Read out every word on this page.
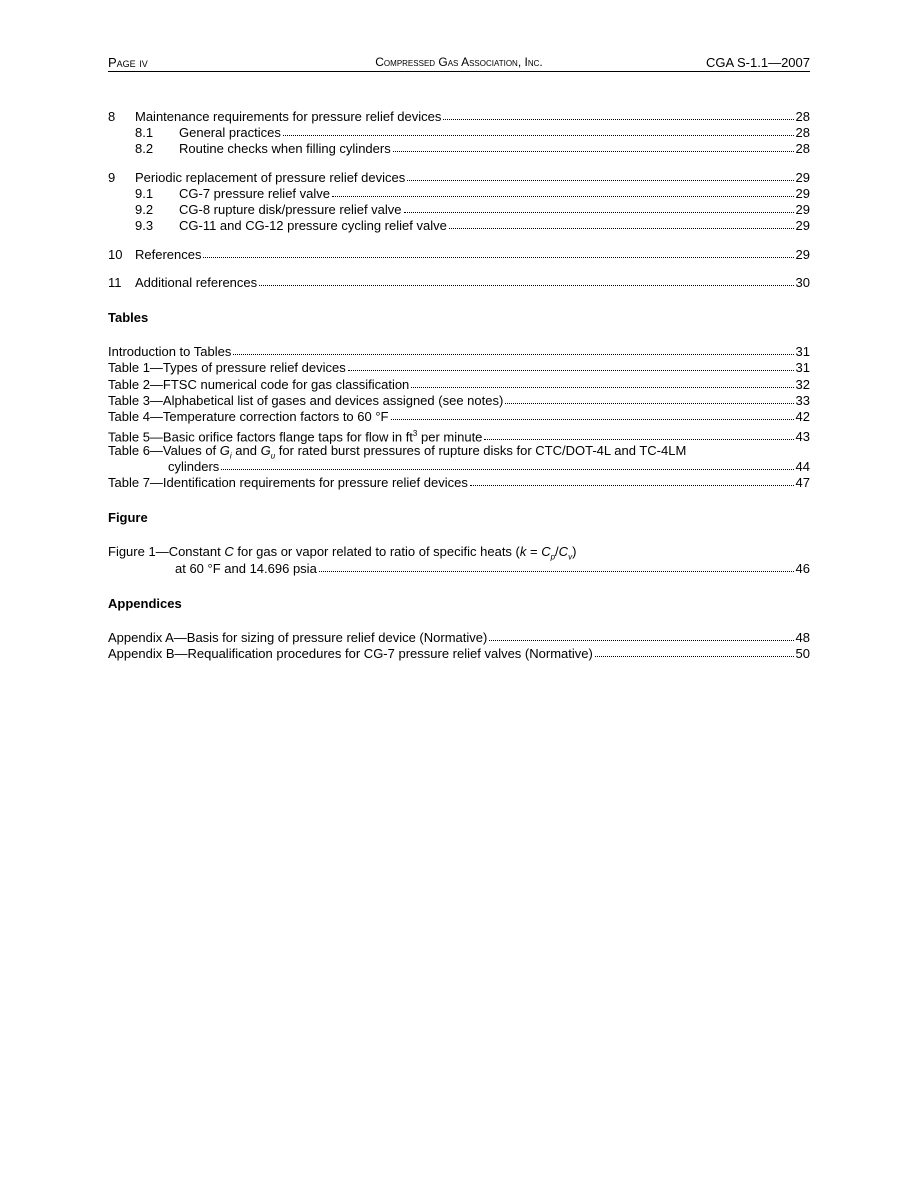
Page iv	Compressed Gas Association, Inc.	CGA S-1.1—2007
8	Maintenance requirements for pressure relief devices	28
8.1	General practices	28
8.2	Routine checks when filling cylinders	28
9	Periodic replacement of pressure relief devices	29
9.1	CG-7 pressure relief valve	29
9.2	CG-8 rupture disk/pressure relief valve	29
9.3	CG-11 and CG-12 pressure cycling relief valve	29
10 References	29
11	Additional references	30
Tables
Introduction to Tables	31
Table 1—Types of pressure relief devices	31
Table 2—FTSC numerical code for gas classification	32
Table 3—Alphabetical list of gases and devices assigned (see notes)	33
Table 4—Temperature correction factors to 60 °F	42
Table 5—Basic orifice factors flange taps for flow in $ft^3$ per minute	43
Table 6—Values of $G_i$ and $G_u$ for rated burst pressures of rupture disks for CTC/DOT-4L and TC-4LM
cylinders	44
Table 7—Identification requirements for pressure relief devices	47
Figure
Figure 1—Constant C for gas or vapor related to ratio of specific heats $(k = C_p/C_v)$
at 60 °F and 14.696 psia	46
Appendices
Appendix A—Basis for sizing of pressure relief device (Normative)	48
Appendix B—Requalification procedures for CG-7 pressure relief valves (Normative)	50
